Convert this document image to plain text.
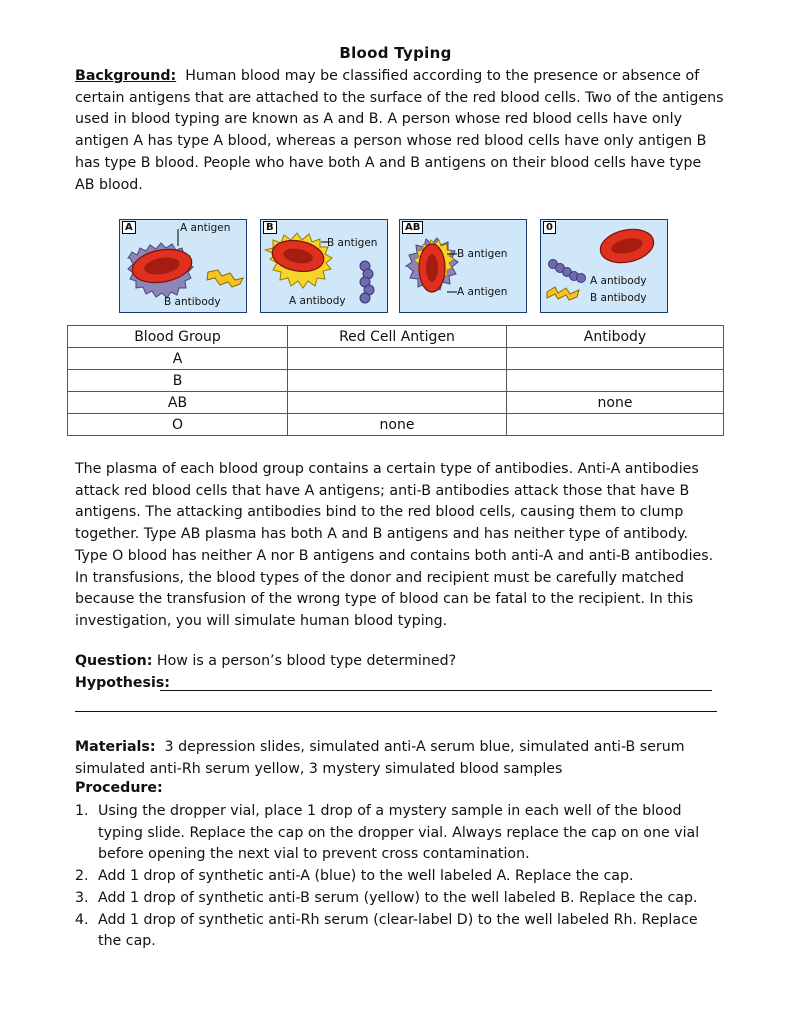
Blood Typing

Background: Human blood may be classified according to the presence or absence of certain antigens that are attached to the surface of the red blood cells. Two of the antigens used in blood typing are known as A and B. A person whose red blood cells have only antigen A has type A blood, whereas a person whose red blood cells have only antigen B has type B blood. People who have both A and B antigens on their blood cells have type AB blood.

A	A antigen
B antibody
B
B antigen
A antibody
AB
B antigen
A antigen
0
A antibody
B antibody
Blood Group	Red Cell Antigen	Antibody
A		
B		
AB		none
O	none	

The plasma of each blood group contains a certain type of antibodies. Anti-A antibodies attack red blood cells that have A antigens; anti-B antibodies attack those that have B antigens. The attacking antibodies bind to the red blood cells, causing them to clump together. Type AB plasma has both A and B antigens and has neither type of antibody. Type O blood has neither A nor B antigens and contains both anti-A and anti-B antibodies. In transfusions, the blood types of the donor and recipient must be carefully matched because the transfusion of the wrong type of blood can be fatal to the recipient. In this investigation, you will simulate human blood typing.

Question: How is a person’s blood type determined?
Hypothesis:

Materials: 3 depression slides, simulated anti-A serum blue, simulated anti-B serum simulated anti-Rh serum yellow, 3 mystery simulated blood samples

Procedure:
1. Using the dropper vial, place 1 drop of a mystery sample in each well of the blood typing slide. Replace the cap on the dropper vial. Always replace the cap on one vial before opening the next vial to prevent cross contamination.
2. Add 1 drop of synthetic anti-A (blue) to the well labeled A. Replace the cap.
3. Add 1 drop of synthetic anti-B serum (yellow) to the well labeled B. Replace the cap.
4. Add 1 drop of synthetic anti-Rh serum (clear-label D) to the well labeled Rh. Replace the cap.
